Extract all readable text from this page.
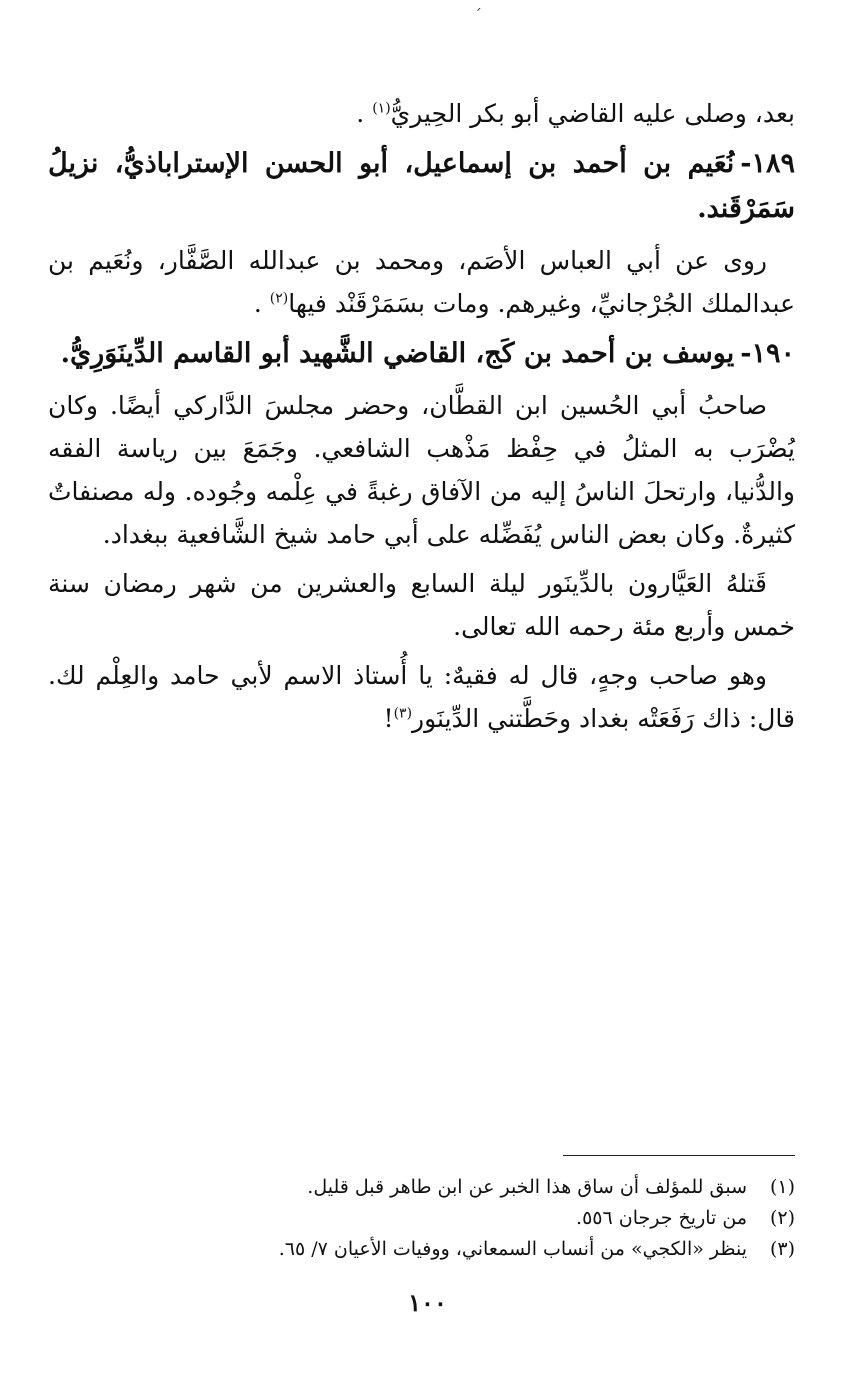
ˊ

بعد، وصلى عليه القاضي أبو بكر الحِيريُّ$^{(١)}$ .

١٨٩-نُعَيم بن أحمد بن إسماعيل، أبو الحسن الإستراباذيُّ، نزيلُ سَمَرْقَند.

روى عن أبي العباس الأصَم، ومحمد بن عبدالله الصَّفَّار، ونُعَيم بن عبدالملك الجُرْجانيِّ، وغيرهم. ومات بسَمَرْقَنْد فيها$^{(٢)}$ .

١٩٠-يوسف بن أحمد بن كَج، القاضي الشَّهيد أبو القاسم الدِّينَوَرِيُّ.

صاحبُ أبي الحُسين ابن القطَّان، وحضر مجلسَ الدَّاركي أيضًا. وكان يُضْرَب به المثلُ في حِفْظ مَذْهب الشافعي. وجَمَعَ بين رياسة الفقه والدُّنيا، وارتحلَ الناسُ إليه من الآفاق رغبةً في عِلْمه وجُوده. وله مصنفاتٌ كثيرةٌ. وكان بعض الناس يُفَضِّله على أبي حامد شيخ الشَّافعية ببغداد.

قَتلهُ العَيَّارون بالدِّينَور ليلة السابع والعشرين من شهر رمضان سنة خمس وأربع مئة رحمه الله تعالى.

وهو صاحب وجهٍ، قال له فقيهٌ: يا أُستاذ الاسم لأبي حامد والعِلْم لك. قال: ذاك رَفَعَتْه بغداد وحَطَّتني الدِّينَور$^{(٣)}$!

(١)
سبق للمؤلف أن ساق هذا الخبر عن ابن طاهر قبل قليل.
(٢)
من تاريخ جرجان ٥٥٦.
(٣)
ينظر «الكجي» من أنساب السمعاني، ووفيات الأعيان ٧/ ٦٥.
١٠٠
